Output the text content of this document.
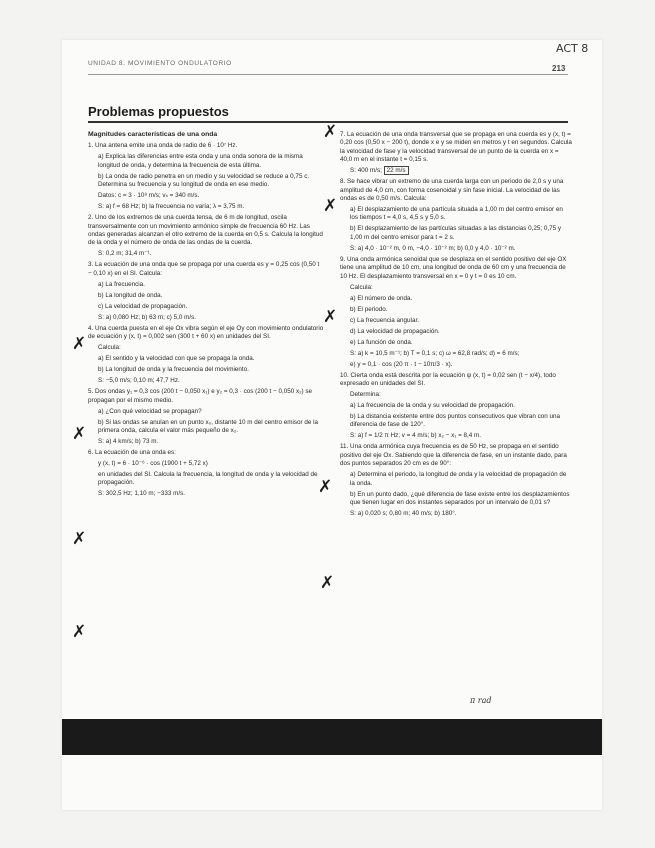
ACT 8
UNIDAD 8. MOVIMIENTO ONDULATORIO
213
Problemas propuestos

Magnitudes características de una onda

1. Una antena emite una onda de radio de 6 · 10⁷ Hz.

a) Explica las diferencias entre esta onda y una onda sonora de la misma longitud de onda, y determina la frecuencia de esta última.

b) La onda de radio penetra en un medio y su velocidad se reduce a 0,75 c. Determina su frecuencia y su longitud de onda en ese medio.

Datos: c = 3 · 10⁸ m/s; vₛ = 340 m/s.

S: a) f = 68 Hz; b) la frecuencia no varía; λ = 3,75 m.

2. Uno de los extremos de una cuerda tensa, de 6 m de longitud, oscila transversalmente con un movimiento armónico simple de frecuencia 60 Hz. Las ondas generadas alcanzan el otro extremo de la cuerda en 0,5 s. Calcula la longitud de la onda y el número de onda de las ondas de la cuerda.

S: 0,2 m; 31,4 m⁻¹.

3. La ecuación de una onda que se propaga por una cuerda es y = 0,25 cos (0,50 t − 0,10 x) en el SI. Calcula:

a) La frecuencia.

b) La longitud de onda.

c) La velocidad de propagación.

S: a) 0,080 Hz; b) 63 m; c) 5,0 m/s.

4. Una cuerda puesta en el eje Ox vibra según el eje Oy con movimiento ondulatorio de ecuación y (x, t) = 0,002 sen (300 t + 60 x) en unidades del SI.

Calcula:

a) El sentido y la velocidad con que se propaga la onda.

b) La longitud de onda y la frecuencia del movimiento.

S: −5,0 m/s; 0,10 m; 47,7 Hz.

5. Dos ondas y₁ = 0,3 cos (200 t − 0,050 x₁) e y₂ = 0,3 · cos (200 t − 0,050 x₂) se propagan por el mismo medio.

a) ¿Con qué velocidad se propagan?

b) Si las ondas se anulan en un punto x₀, distante 10 m del centro emisor de la primera onda, calcula el valor más pequeño de x₂.

S: a) 4 km/s; b) 73 m.

6. La ecuación de una onda es:

y (x, t) = 6 · 10⁻⁶ · cos (1900 t + 5,72 x)

en unidades del SI. Calcula la frecuencia, la longitud de onda y la velocidad de propagación.

S: 302,5 Hz; 1,10 m; −333 m/s.

7. La ecuación de una onda transversal que se propaga en una cuerda es y (x, t) = 0,20 cos (0,50 x − 200 t), donde x e y se miden en metros y t en segundos. Calcula la velocidad de fase y la velocidad transversal de un punto de la cuerda en x = 40,0 m en el instante t = 0,15 s.

S: 400 m/s; 22 m/s

8. Se hace vibrar un extremo de una cuerda larga con un periodo de 2,0 s y una amplitud de 4,0 cm, con forma cosenoidal y sin fase inicial. La velocidad de las ondas es de 0,50 m/s. Calcula:

a) El desplazamiento de una partícula situada a 1,00 m del centro emisor en los tiempos t = 4,0 s, 4,5 s y 5,0 s.

b) El desplazamiento de las partículas situadas a las distancias 0,25; 0,75 y 1,00 m del centro emisor para t = 2 s.

S: a) 4,0 · 10⁻² m, 0 m, −4,0 · 10⁻² m; b) 0,0 y 4,0 · 10⁻² m.

9. Una onda armónica senoidal que se desplaza en el sentido positivo del eje OX tiene una amplitud de 10 cm, una longitud de onda de 60 cm y una frecuencia de 10 Hz. El desplazamiento transversal en x = 0 y t = 0 es 10 cm.

Calcula:

a) El número de onda.

b) El periodo.

c) La frecuencia angular.

d) La velocidad de propagación.

e) La función de onda.

S: a) k = 10,5 m⁻¹; b) T = 0,1 s; c) ω = 62,8 rad/s; d) = 6 m/s;

e) y = 0,1 · cos (20 π · t − 10π/3 · x).

10. Cierta onda está descrita por la ecuación ψ (x, t) = 0,02 sen (t − x/4), todo expresado en unidades del SI.

Determina:

a) La frecuencia de la onda y su velocidad de propagación.

b) La distancia existente entre dos puntos consecutivos que vibran con una diferencia de fase de 120°.

S: a) f = 1/2 π Hz; v = 4 m/s; b) x₂ − x₁ = 8,4 m.

11. Una onda armónica cuya frecuencia es de 50 Hz, se propaga en el sentido positivo del eje Ox. Sabiendo que la diferencia de fase, en un instante dado, para dos puntos separados 20 cm es de 90°:

a) Determina el periodo, la longitud de onda y la velocidad de propagación de la onda.

b) En un punto dado, ¿qué diferencia de fase existe entre los desplazamientos que tienen lugar en dos instantes separados por un intervalo de 0,01 s?

S: a) 0,020 s; 0,80 m; 40 m/s; b) 180°.

✗
✗
✗
✗
✗
✗
✗
✗
✗
π rad
